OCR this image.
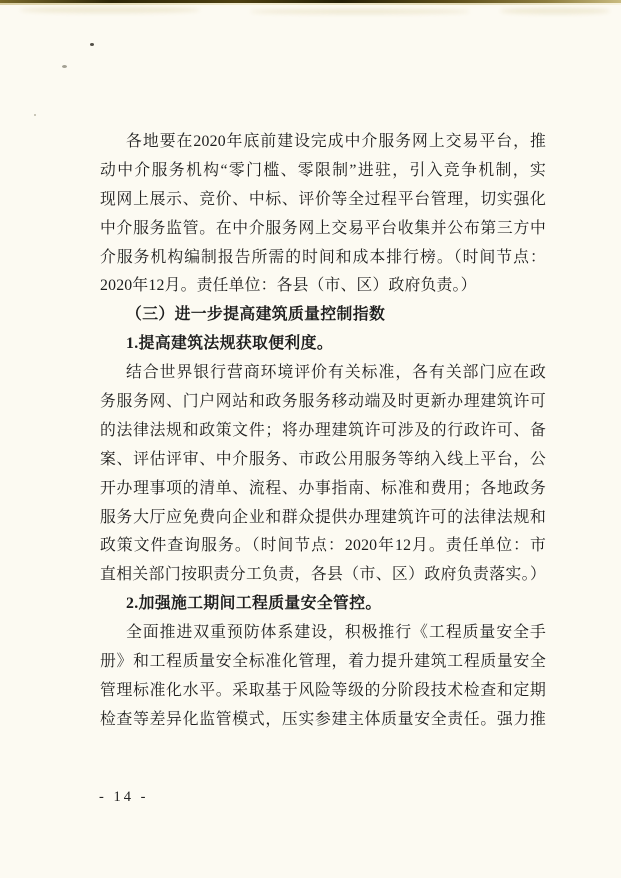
各地要在2020年底前建设完成中介服务网上交易平台，推

动中介服务机构“零门槛、零限制”进驻，引入竞争机制，实

现网上展示、竞价、中标、评价等全过程平台管理，切实强化

中介服务监管。在中介服务网上交易平台收集并公布第三方中

介服务机构编制报告所需的时间和成本排行榜。（时间节点：

2020年12月。责任单位：各县（市、区）政府负责。）

（三）进一步提高建筑质量控制指数

1.提高建筑法规获取便利度。

结合世界银行营商环境评价有关标准，各有关部门应在政

务服务网、门户网站和政务服务移动端及时更新办理建筑许可

的法律法规和政策文件；将办理建筑许可涉及的行政许可、备

案、评估评审、中介服务、市政公用服务等纳入线上平台，公

开办理事项的清单、流程、办事指南、标准和费用；各地政务

服务大厅应免费向企业和群众提供办理建筑许可的法律法规和

政策文件查询服务。（时间节点：2020年12月。责任单位：市

直相关部门按职责分工负责，各县（市、区）政府负责落实。）

2.加强施工期间工程质量安全管控。

全面推进双重预防体系建设，积极推行《工程质量安全手

册》和工程质量安全标准化管理，着力提升建筑工程质量安全

管理标准化水平。采取基于风险等级的分阶段技术检查和定期

检查等差异化监管模式，压实参建主体质量安全责任。强力推

- 14 -
